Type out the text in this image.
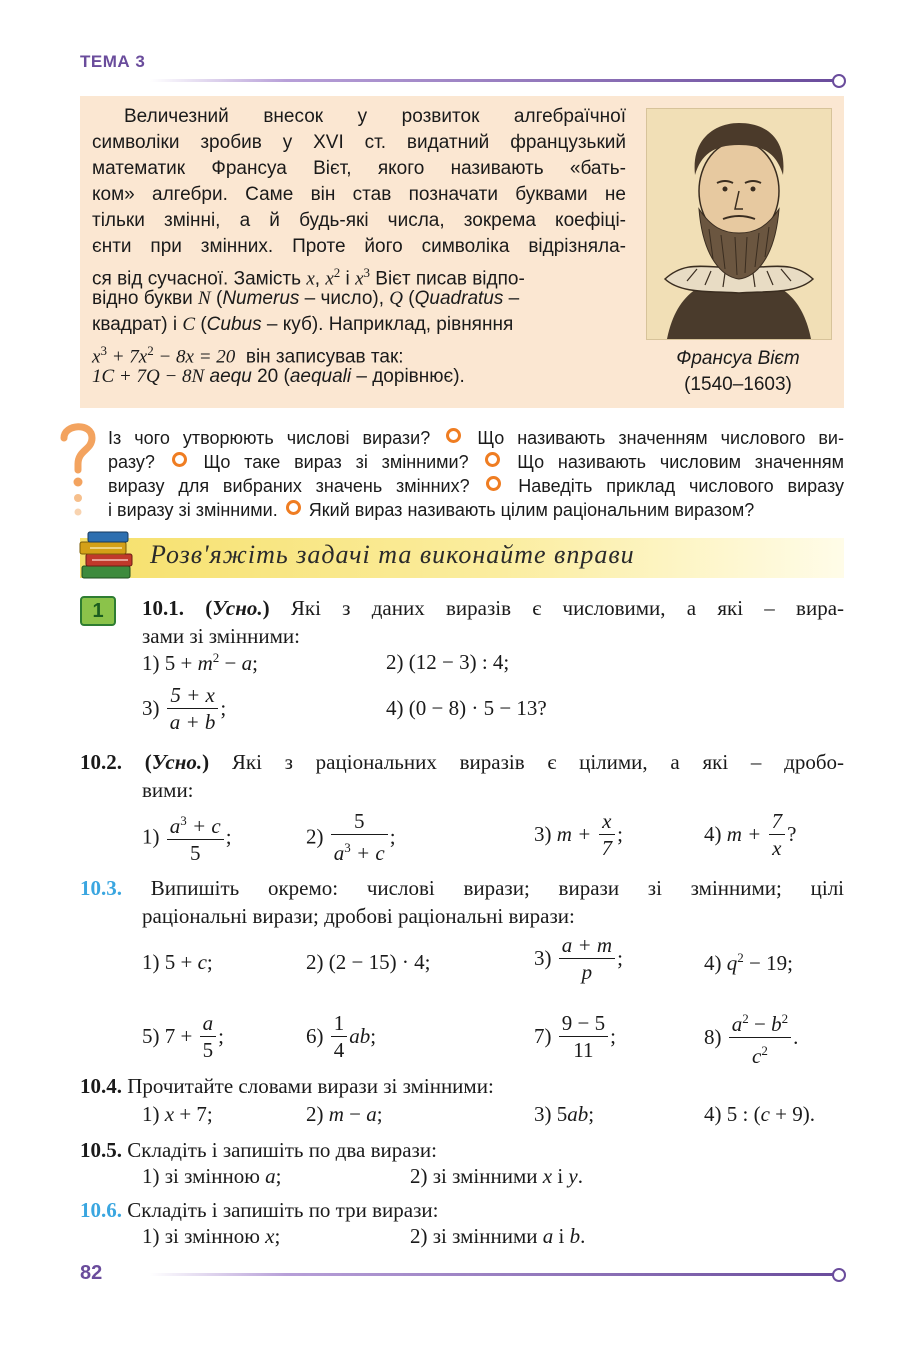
ТЕМА 3
Величезний внесок у розвиток алгебраїчної
символіки зробив у XVI ст. видатний французький
математик Франсуа Вієт, якого називають «бать-
ком» алгебри. Саме він став позначати буквами не
тільки змінні, а й будь-які числа, зокрема коефіці-
єнти при змінних. Проте його символіка відрізняла-
ся від сучасної. Замість x, $x^2$ і $x^3$ Вієт писав відпо-
відно букви N (Numerus – число), Q (Quadratus –
квадрат) і C (Cubus – куб). Наприклад, рівняння
$x^3 + 7x^2 - 8x = 20$ він записував так:
1C + 7Q − 8N aequ 20 (aequali – дорівнює).
Франсуа Вієт
(1540–1603)
Із чого утворюють числові вирази?	Що називають значенням числового ви-
разу?	Що таке вираз зі змінними?	Що називають числовим значенням
виразу для вибраних значень змінних?	Наведіть приклад числового виразу
і виразу зі змінними. Який вираз називають цілим раціональним виразом?
Розв'яжіть задачі та виконайте вправи
1	10.1. (Усно.) Які з даних виразів є числовими, а які – вира-
зами зі змінними:
1) $5 + m^2 - a$;	2) (12 − 3) : 4;
$3) \frac{5 + x}{a + b}$ ;	4) (0 − 8) · 5 − 13?
10.2. (Усно.) Які з раціональних виразів є цілими, а які – дробо-
вими:
$1) \frac{a^3 + c}{5}$ ;	$2) \frac{5}{a^3 + c}$ ;	3) $m + \frac{x}{7}$ ;	4) $m + \frac{7}{x}$ ?
10.3. Випишіть окремо: числові вирази; вирази зі змінними; цілі
раціональні вирази; дробові раціональні вирази:
1) 5 + c;	2) (2 − 15) · 4;	$3) \frac{a + m}{p}$ ;	4) $q^2 - 19$;
5) $7 + \frac{a}{5}$ ;	$6) \frac{1}{4}$ ab;	$7) \frac{9 - 5}{11}$ ;	$8) \frac{a^2 - b^2}{c^2}$ .
10.4. Прочитайте словами вирази зі змінними:
1) x + 7;	2) m − a;	3) 5ab;	4) 5 : (c + 9).
10.5. Складіть і запишіть по два вирази:
1) зі змінною a;	2) зі змінними x і y.
10.6. Складіть і запишіть по три вирази:
1) зі змінною x;	2) зі змінними a і b.
82
